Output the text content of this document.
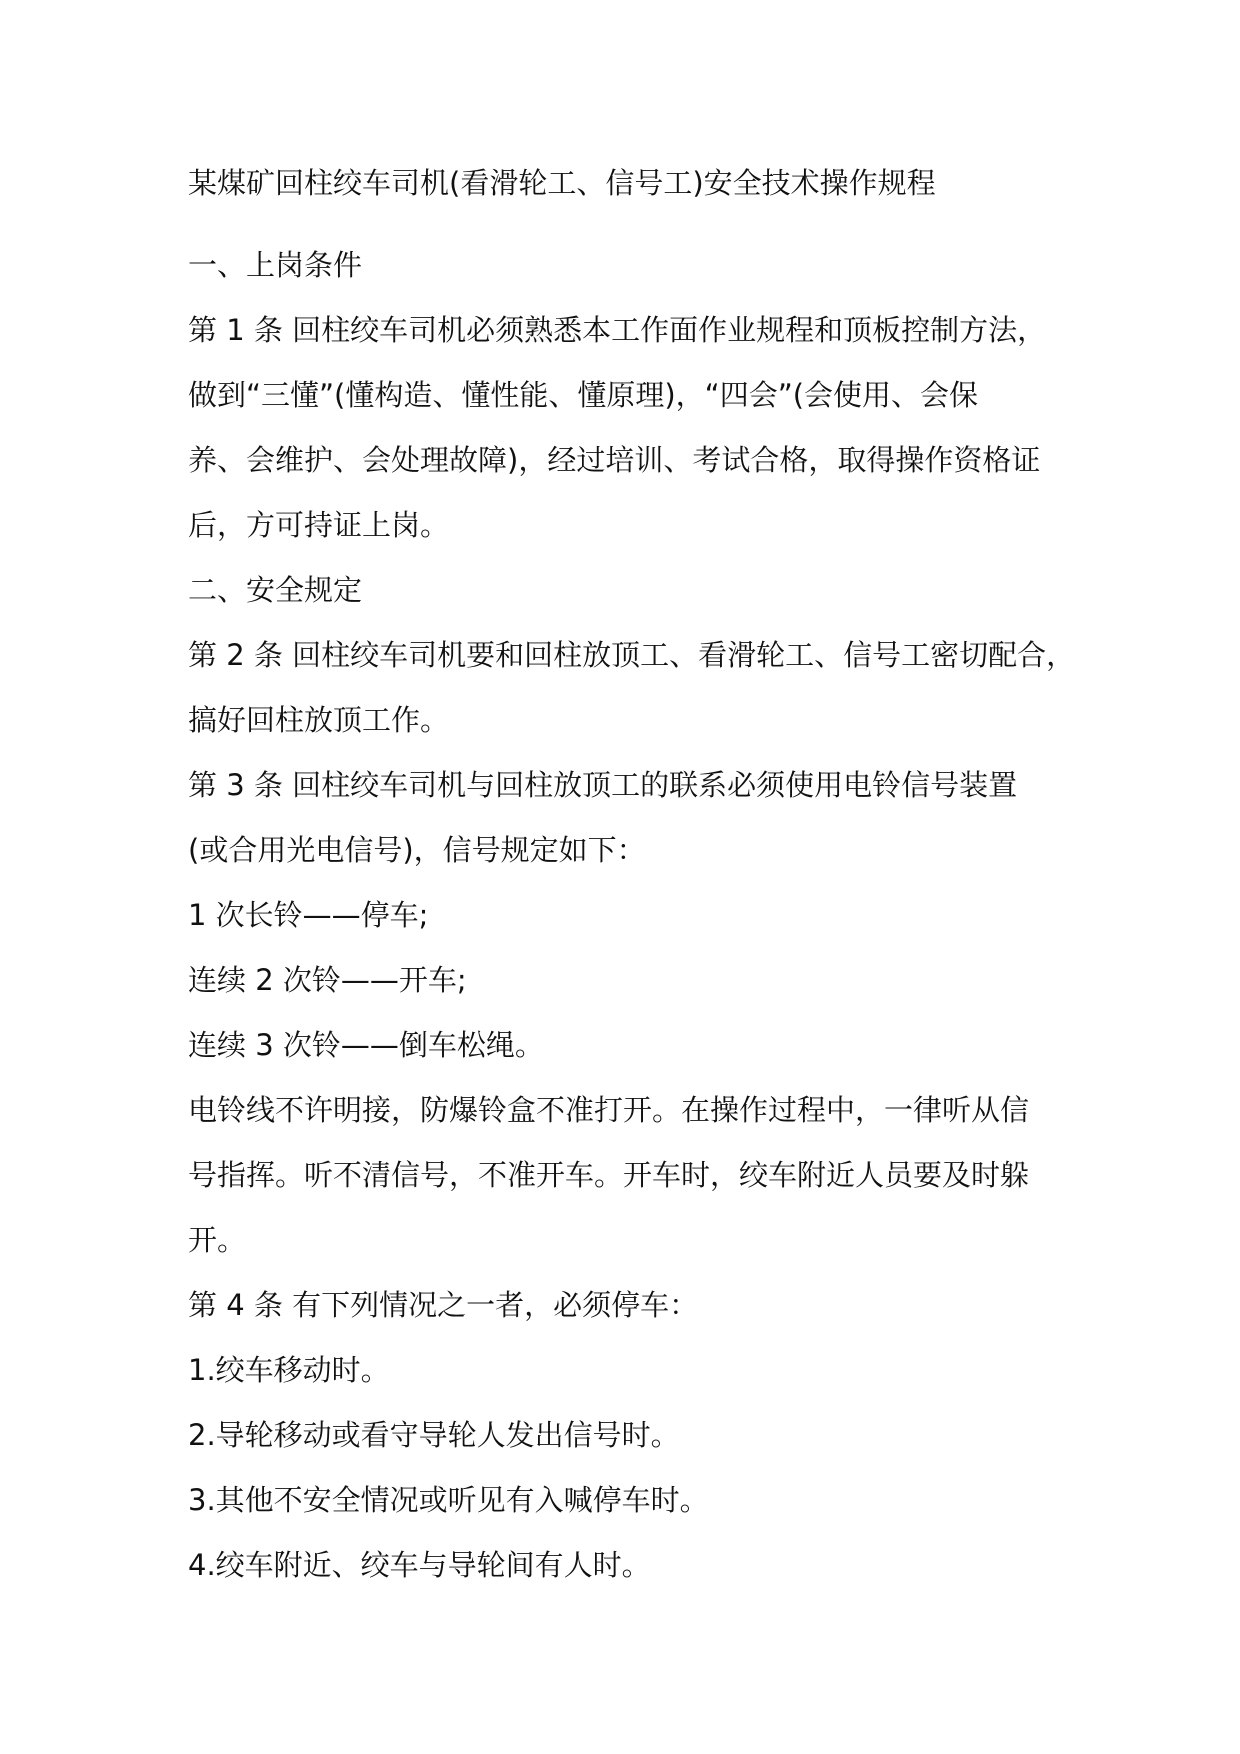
某煤矿回柱绞车司机(看滑轮工、信号工)安全技术操作规程
一、上岗条件
第 1 条 回柱绞车司机必须熟悉本工作面作业规程和顶板控制方法，
做到“三懂”(懂构造、懂性能、懂原理)，“四会”(会使用、会保
养、会维护、会处理故障)，经过培训、考试合格，取得操作资格证
后，方可持证上岗。
二、安全规定
第 2 条 回柱绞车司机要和回柱放顶工、看滑轮工、信号工密切配合，
搞好回柱放顶工作。
第 3 条 回柱绞车司机与回柱放顶工的联系必须使用电铃信号装置
(或合用光电信号)，信号规定如下：
1 次长铃——停车;
连续 2 次铃——开车;
连续 3 次铃——倒车松绳。
电铃线不许明接，防爆铃盒不准打开。在操作过程中，一律听从信
号指挥。听不清信号，不准开车。开车时，绞车附近人员要及时躲
开。
第 4 条 有下列情况之一者，必须停车：
1.绞车移动时。
2.导轮移动或看守导轮人发出信号时。
3.其他不安全情况或听见有入喊停车时。
4.绞车附近、绞车与导轮间有人时。
